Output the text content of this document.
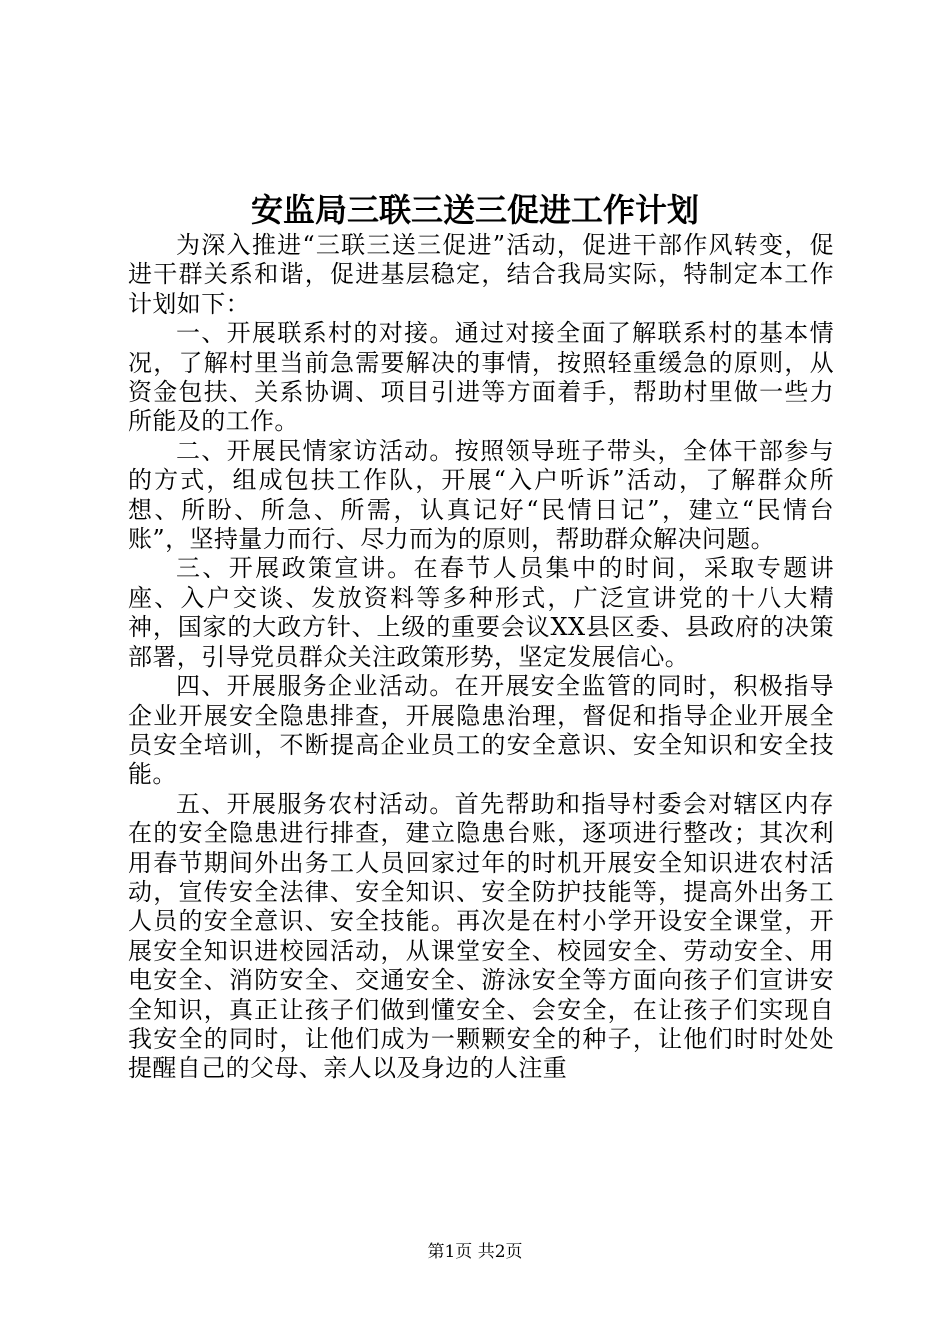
安监局三联三送三促进工作计划

为深入推进“三联三送三促进”活动，促进干部作风转变，促进干群关系和谐，促进基层稳定，结合我局实际，特制定本工作计划如下：

一、开展联系村的对接。通过对接全面了解联系村的基本情况，了解村里当前急需要解决的事情，按照轻重缓急的原则，从资金包扶、关系协调、项目引进等方面着手，帮助村里做一些力所能及的工作。

二、开展民情家访活动。按照领导班子带头，全体干部参与的方式，组成包扶工作队，开展“入户听诉”活动，了解群众所想、所盼、所急、所需，认真记好“民情日记”，建立“民情台账”，坚持量力而行、尽力而为的原则，帮助群众解决问题。

三、开展政策宣讲。在春节人员集中的时间，采取专题讲座、入户交谈、发放资料等多种形式，广泛宣讲党的十八大精神，国家的大政方针、上级的重要会议XX县区委、县政府的决策部署，引导党员群众关注政策形势，坚定发展信心。

四、开展服务企业活动。在开展安全监管的同时，积极指导企业开展安全隐患排查，开展隐患治理，督促和指导企业开展全员安全培训，不断提高企业员工的安全意识、安全知识和安全技能。

五、开展服务农村活动。首先帮助和指导村委会对辖区内存在的安全隐患进行排查，建立隐患台账，逐项进行整改；其次利用春节期间外出务工人员回家过年的时机开展安全知识进农村活动，宣传安全法律、安全知识、安全防护技能等，提高外出务工人员的安全意识、安全技能。再次是在村小学开设安全课堂，开展安全知识进校园活动，从课堂安全、校园安全、劳动安全、用电安全、消防安全、交通安全、游泳安全等方面向孩子们宣讲安全知识，真正让孩子们做到懂安全、会安全，在让孩子们实现自我安全的同时，让他们成为一颗颗安全的种子，让他们时时处处提醒自己的父母、亲人以及身边的人注重

第1页 共2页
